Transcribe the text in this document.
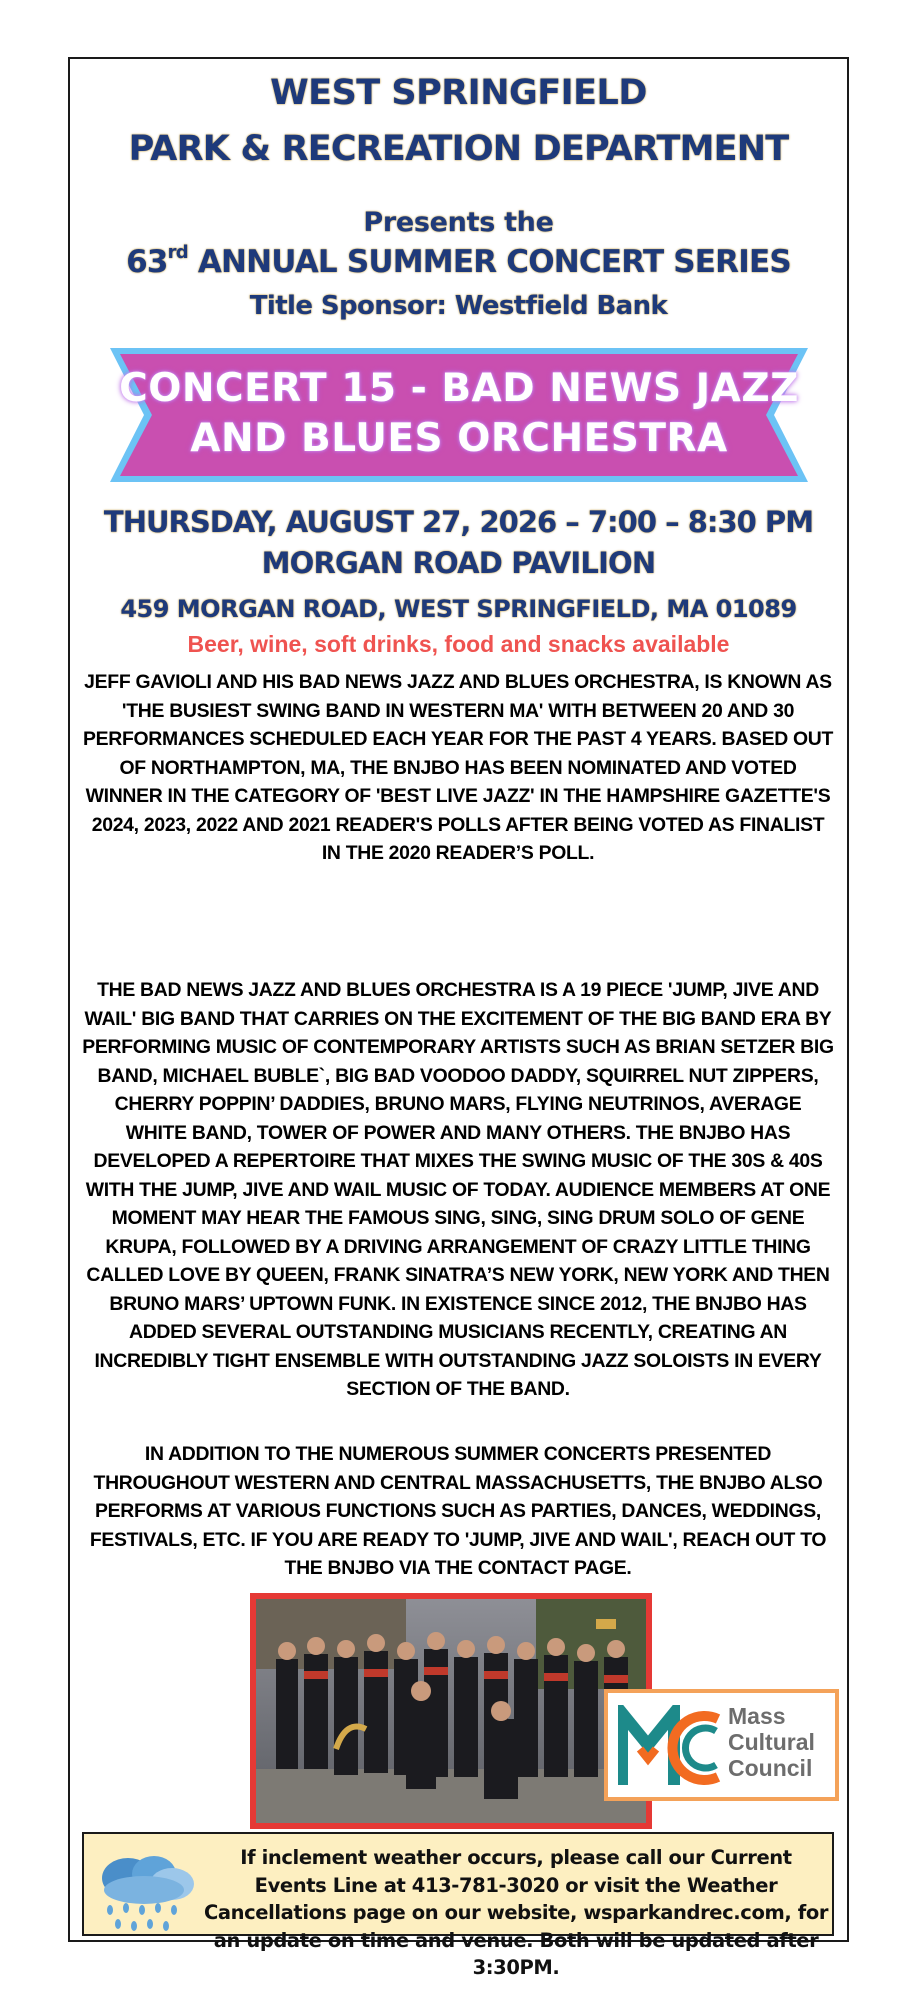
WEST SPRINGFIELD
PARK & RECREATION DEPARTMENT
Presents the
63rd ANNUAL SUMMER CONCERT SERIES
Title Sponsor: Westfield Bank
CONCERT 15 - BAD NEWS JAZZ
AND BLUES ORCHESTRA
THURSDAY, AUGUST 27, 2026 – 7:00 – 8:30 PM
MORGAN ROAD PAVILION
459 MORGAN ROAD, WEST SPRINGFIELD, MA 01089

Beer, wine, soft drinks, food and snacks available

JEFF GAVIOLI AND HIS BAD NEWS JAZZ AND BLUES ORCHESTRA, IS KNOWN AS 'THE BUSIEST SWING BAND IN WESTERN MA' WITH BETWEEN 20 AND 30 PERFORMANCES SCHEDULED EACH YEAR FOR THE PAST 4 YEARS. BASED OUT OF NORTHAMPTON, MA, THE BNJBO HAS BEEN NOMINATED AND VOTED WINNER IN THE CATEGORY OF 'BEST LIVE JAZZ' IN THE HAMPSHIRE GAZETTE'S 2024, 2023, 2022 AND 2021 READER'S POLLS AFTER BEING VOTED AS FINALIST IN THE 2020 READER’S POLL.

THE BAD NEWS JAZZ AND BLUES ORCHESTRA IS A 19 PIECE 'JUMP, JIVE AND WAIL' BIG BAND THAT CARRIES ON THE EXCITEMENT OF THE BIG BAND ERA BY PERFORMING MUSIC OF CONTEMPORARY ARTISTS SUCH AS BRIAN SETZER BIG BAND, MICHAEL BUBLE`, BIG BAD VOODOO DADDY, SQUIRREL NUT ZIPPERS, CHERRY POPPIN’ DADDIES, BRUNO MARS, FLYING NEUTRINOS, AVERAGE WHITE BAND, TOWER OF POWER AND MANY OTHERS. THE BNJBO HAS DEVELOPED A REPERTOIRE THAT MIXES THE SWING MUSIC OF THE 30S & 40S WITH THE JUMP, JIVE AND WAIL MUSIC OF TODAY. AUDIENCE MEMBERS AT ONE MOMENT MAY HEAR THE FAMOUS SING, SING, SING DRUM SOLO OF GENE KRUPA, FOLLOWED BY A DRIVING ARRANGEMENT OF CRAZY LITTLE THING CALLED LOVE BY QUEEN, FRANK SINATRA’S NEW YORK, NEW YORK AND THEN BRUNO MARS’ UPTOWN FUNK. IN EXISTENCE SINCE 2012, THE BNJBO HAS ADDED SEVERAL OUTSTANDING MUSICIANS RECENTLY, CREATING AN INCREDIBLY TIGHT ENSEMBLE WITH OUTSTANDING JAZZ SOLOISTS IN EVERY SECTION OF THE BAND.

IN ADDITION TO THE NUMEROUS SUMMER CONCERTS PRESENTED THROUGHOUT WESTERN AND CENTRAL MASSACHUSETTS, THE BNJBO ALSO PERFORMS AT VARIOUS FUNCTIONS SUCH AS PARTIES, DANCES, WEDDINGS, FESTIVALS, ETC. IF YOU ARE READY TO 'JUMP, JIVE AND WAIL', REACH OUT TO THE BNJBO VIA THE CONTACT PAGE.

Mass
Cultural
Council

If inclement weather occurs, please call our Current Events Line at 413-781-3020 or visit the Weather Cancellations page on our website, wsparkandrec.com, for an update on time and venue. Both will be updated after 3:30PM.
